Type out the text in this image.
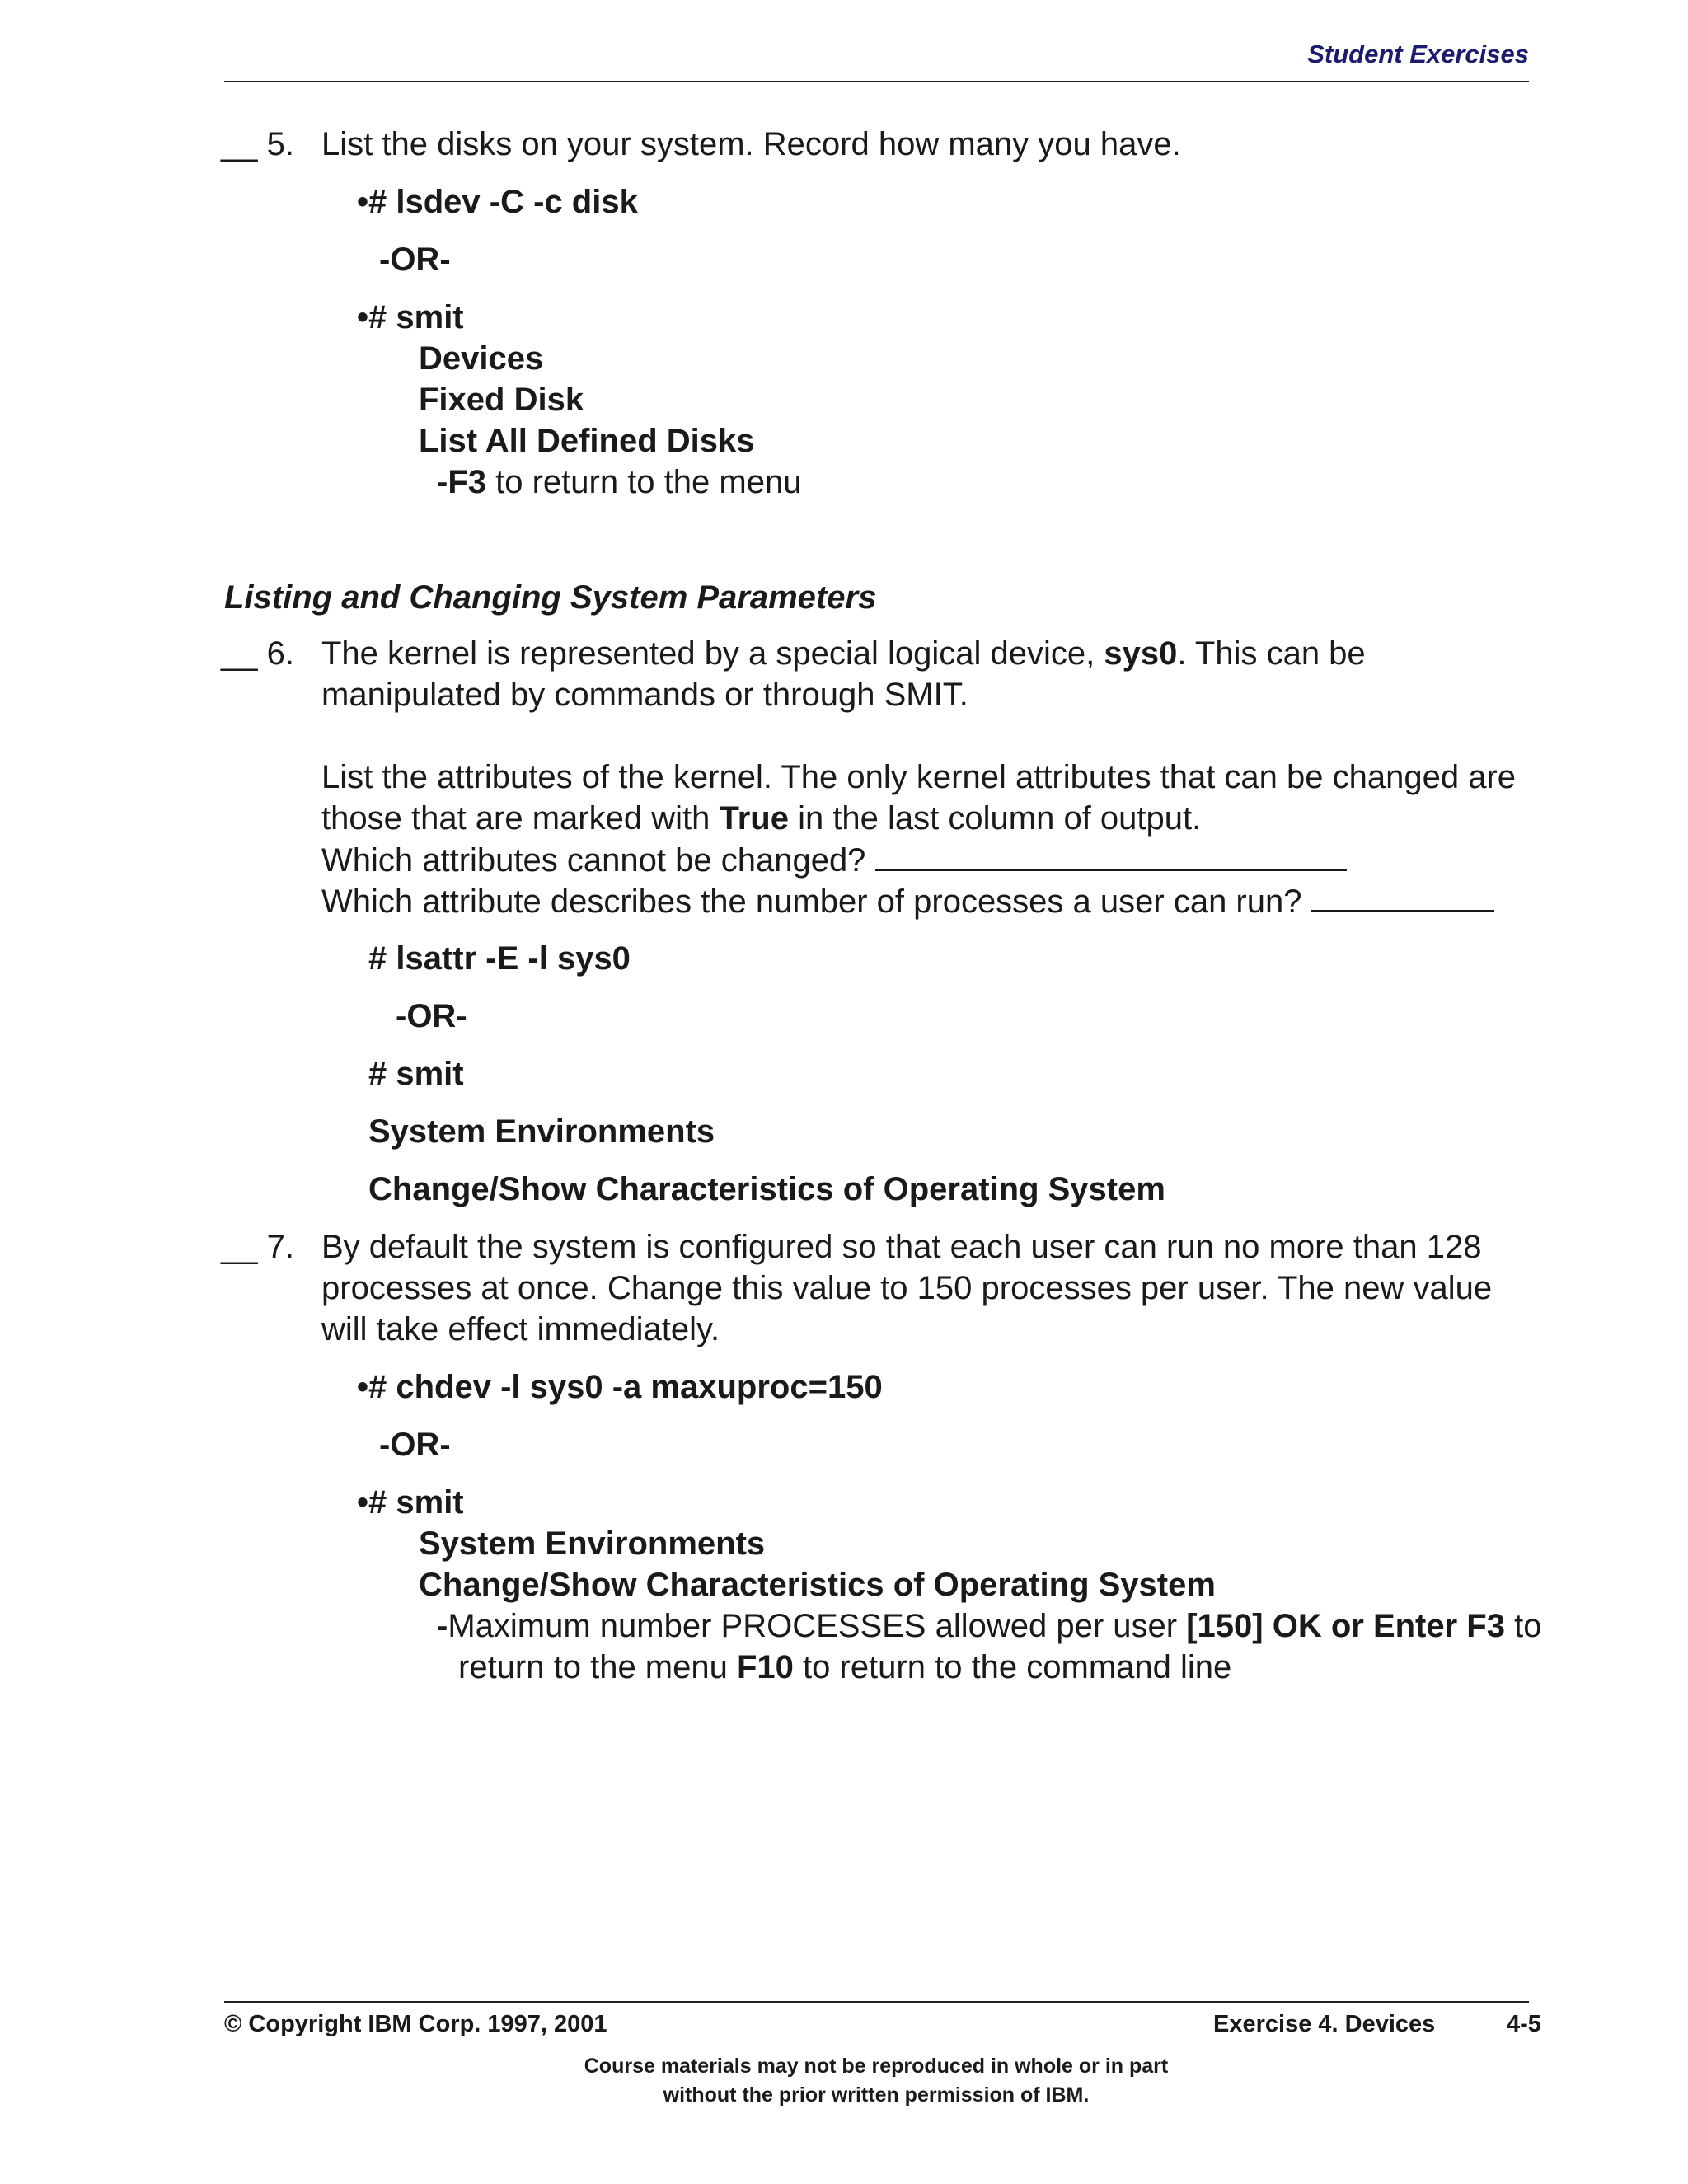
Student Exercises
__ 5. List the disks on your system. Record how many you have.
•# lsdev -C -c disk
-OR-
•# smit
Devices
Fixed Disk
List All Defined Disks
-F3 to return to the menu
Listing and Changing System Parameters
__ 6. The kernel is represented by a special logical device, sys0. This can be
manipulated by commands or through SMIT.
List the attributes of the kernel. The only kernel attributes that can be changed are
those that are marked with True in the last column of output.
Which attributes cannot be changed?
Which attribute describes the number of processes a user can run?
# lsattr -E -l sys0
-OR-
# smit
System Environments
Change/Show Characteristics of Operating System
__ 7. By default the system is configured so that each user can run no more than 128
processes at once. Change this value to 150 processes per user. The new value
will take effect immediately.
•# chdev -l sys0 -a maxuproc=150
-OR-
•# smit
System Environments
Change/Show Characteristics of Operating System
-Maximum number PROCESSES allowed per user [150] OK or Enter F3 to
return to the menu F10 to return to the command line
© Copyright IBM Corp. 1997, 2001	Exercise 4. Devices	4-5
Course materials may not be reproduced in whole or in part
without the prior written permission of IBM.
